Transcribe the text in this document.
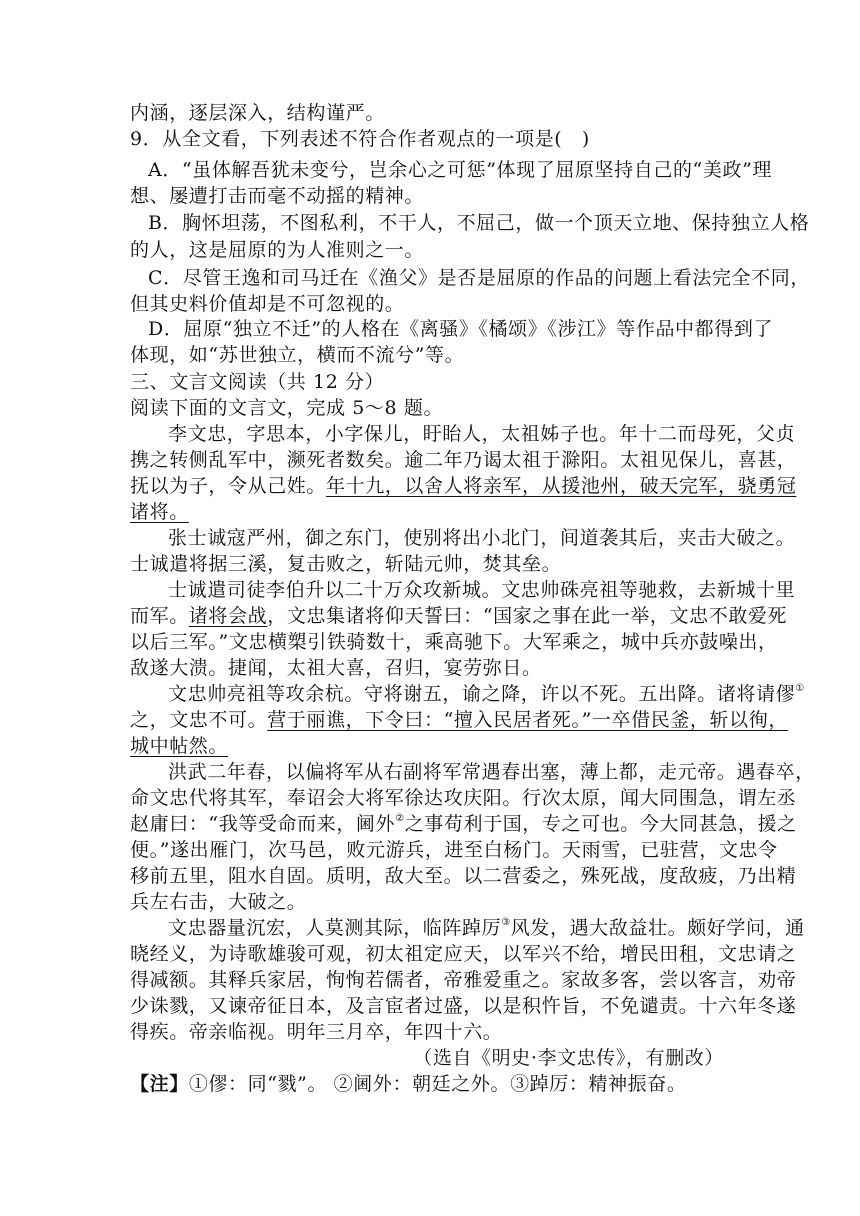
内涵，逐层深入，结构谨严。
9．从全文看，下列表述不符合作者观点的一项是(　)
A．“虽体解吾犹未变兮，岂余心之可惩”体现了屈原坚持自己的“美政”理
想、屡遭打击而毫不动摇的精神。
B．胸怀坦荡，不图私利，不干人，不屈己，做一个顶天立地、保持独立人格
的人，这是屈原的为人准则之一。
C．尽管王逸和司马迁在《渔父》是否是屈原的作品的问题上看法完全不同，
但其史料价值却是不可忽视的。
D．屈原“独立不迁”的人格在《离骚》《橘颂》《涉江》等作品中都得到了
体现，如“苏世独立，横而不流兮”等。
三、文言文阅读（共 12 分）
阅读下面的文言文，完成 5～8 题。
李文忠，字思本，小字保儿，盱眙人，太祖姊子也。年十二而母死，父贞
携之转侧乱军中，濒死者数矣。逾二年乃谒太祖于滁阳。太祖见保儿，喜甚，
抚以为子，令从己姓。年十九，以舍人将亲军，从援池州，破天完军，骁勇冠
诸将。
张士诚寇严州，御之东门，使别将出小北门，间道袭其后，夹击大破之。
士诚遣将据三溪，复击败之，斩陆元帅，焚其垒。
士诚遣司徒李伯升以二十万众攻新城。文忠帅硃亮祖等驰救，去新城十里
而军。诸将会战，文忠集诸将仰天誓曰：“国家之事在此一举，文忠不敢爱死
以后三军。”文忠横槊引铁骑数十，乘高驰下。大军乘之，城中兵亦鼓噪出，
敌遂大溃。捷闻，太祖大喜，召归，宴劳弥日。
文忠帅亮祖等攻余杭。守将谢五，谕之降，许以不死。五出降。诸将请僇①
之，文忠不可。营于丽谯，下令曰：“擅入民居者死。”一卒借民釜，斩以徇，
城中帖然。
洪武二年春，以偏将军从右副将军常遇春出塞，薄上都，走元帝。遇春卒，
命文忠代将其军，奉诏会大将军徐达攻庆阳。行次太原，闻大同围急，谓左丞
赵庸曰：“我等受命而来，阃外②之事苟利于国，专之可也。今大同甚急，援之
便。”遂出雁门，次马邑，败元游兵，进至白杨门。天雨雪，已驻营，文忠令
移前五里，阻水自固。质明，敌大至。以二营委之，殊死战，度敌疲，乃出精
兵左右击，大破之。
文忠器量沉宏，人莫测其际，临阵踔厉③风发，遇大敌益壮。颇好学问，通
晓经义，为诗歌雄骏可观，初太祖定应天，以军兴不给，增民田租，文忠请之
得减额。其释兵家居，恂恂若儒者，帝雅爱重之。家故多客，尝以客言，劝帝
少诛戮，又谏帝征日本，及言宦者过盛，以是积忤旨，不免谴责。十六年冬遂
得疾。帝亲临视。明年三月卒，年四十六。
（选自《明史·李文忠传》，有删改）
【注】①僇：同“戮”。 ②阃外：朝廷之外。③踔厉：精神振奋。
